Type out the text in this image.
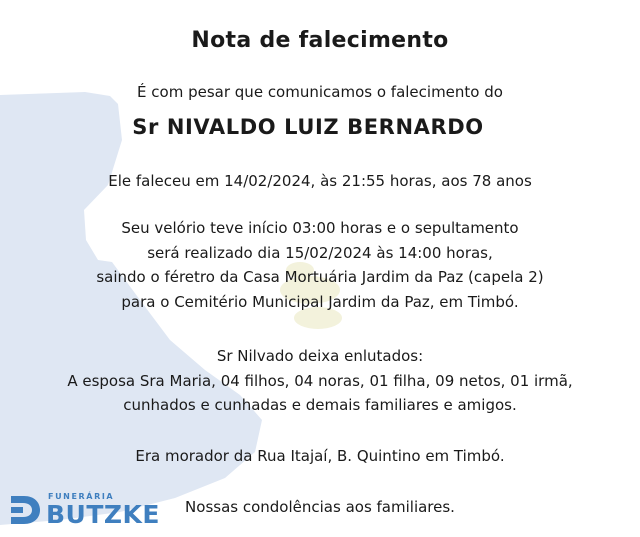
Nota de falecimento
É com pesar que comunicamos o falecimento do
Sr NIVALDO LUIZ BERNARDO
Ele faleceu em 14/02/2024, às 21:55 horas, aos 78 anos
Seu velório teve início 03:00 horas e o sepultamento
será realizado dia 15/02/2024 às 14:00 horas,
saindo o féretro da Casa Mortuária Jardim da Paz (capela 2)
para o Cemitério Municipal Jardim da Paz, em Timbó.
Sr Nilvado deixa enlutados:
A esposa Sra Maria, 04 filhos, 04 noras, 01 filha, 09 netos, 01 irmã,
cunhados e cunhadas e demais familiares e amigos.
Era morador da Rua Itajaí, B. Quintino em Timbó.
Nossas condolências aos familiares.
FUNERÁRIA
BUTZKE
